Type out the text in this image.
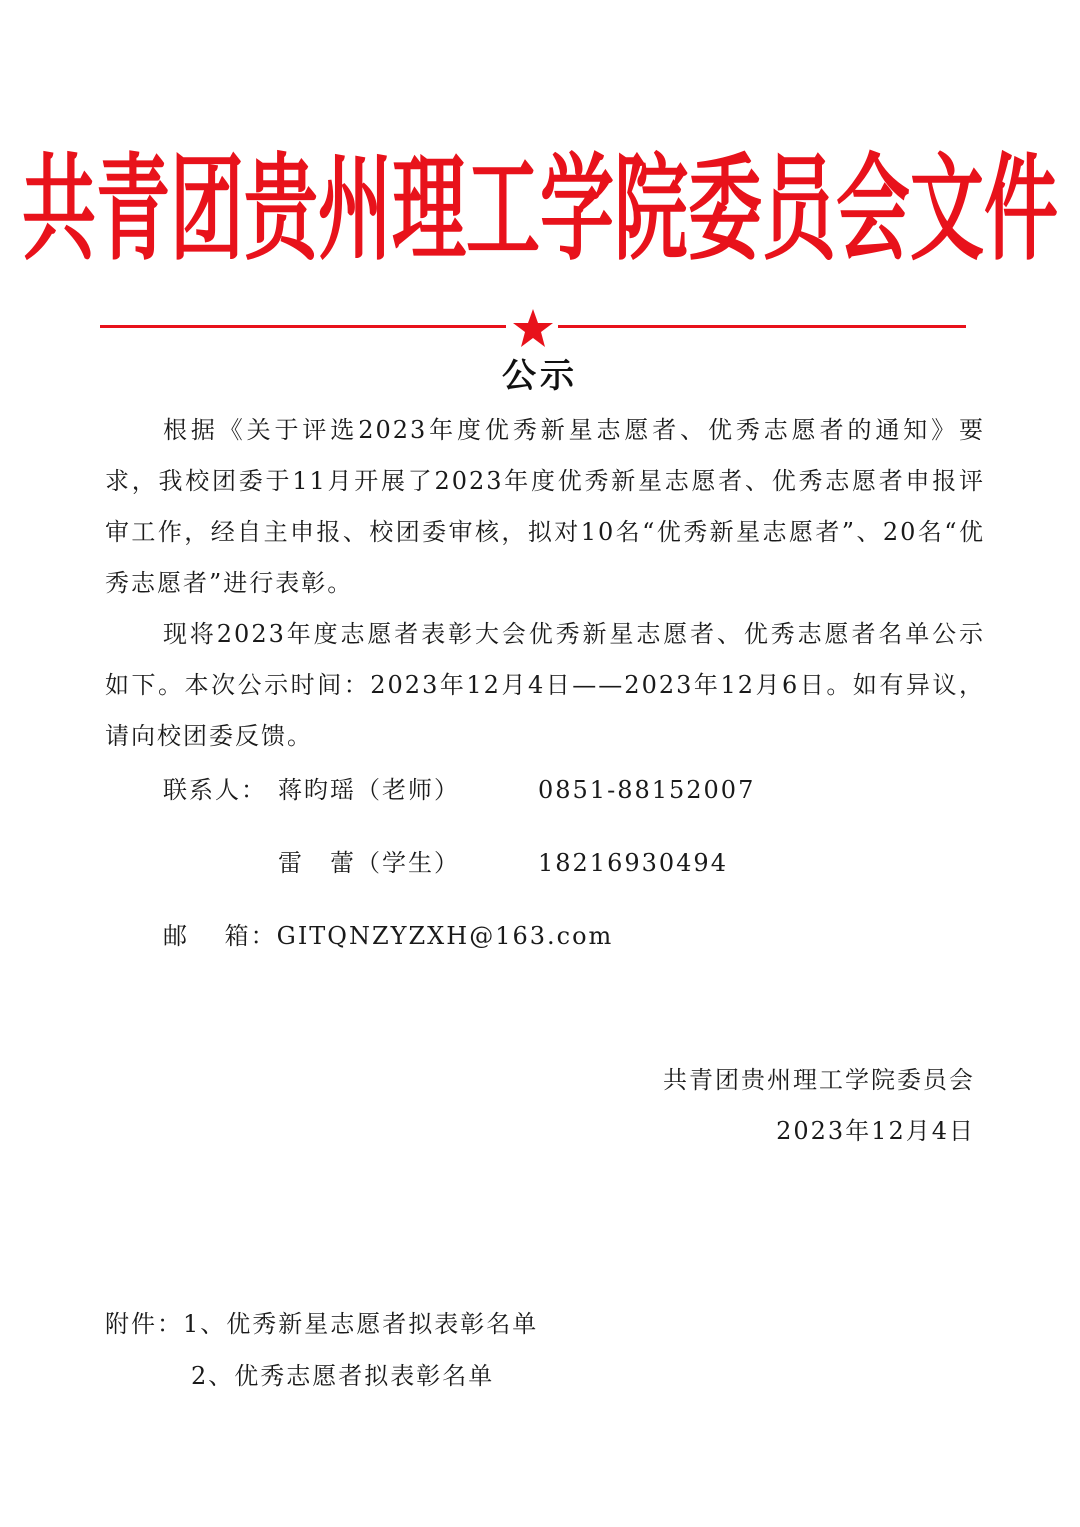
共青团贵州理工学院委员会文件
公示

根据《关于评选2023年度优秀新星志愿者、优秀志愿者的通知》要求，我校团委于11月开展了2023年度优秀新星志愿者、优秀志愿者申报评审工作，经自主申报、校团委审核，拟对10名“优秀新星志愿者”、20名“优秀志愿者”进行表彰。

现将2023年度志愿者表彰大会优秀新星志愿者、优秀志愿者名单公示如下。本次公示时间：2023年12月4日——2023年12月6日。如有异议，请向校团委反馈。

联系人： 蒋昀瑶（老师）	0851-88152007
雷　蕾（学生）	18216930494
邮　 箱：GITQNZYZXH@163.com
共青团贵州理工学院委员会
2023年12月4日
附件：1、优秀新星志愿者拟表彰名单
2、优秀志愿者拟表彰名单
